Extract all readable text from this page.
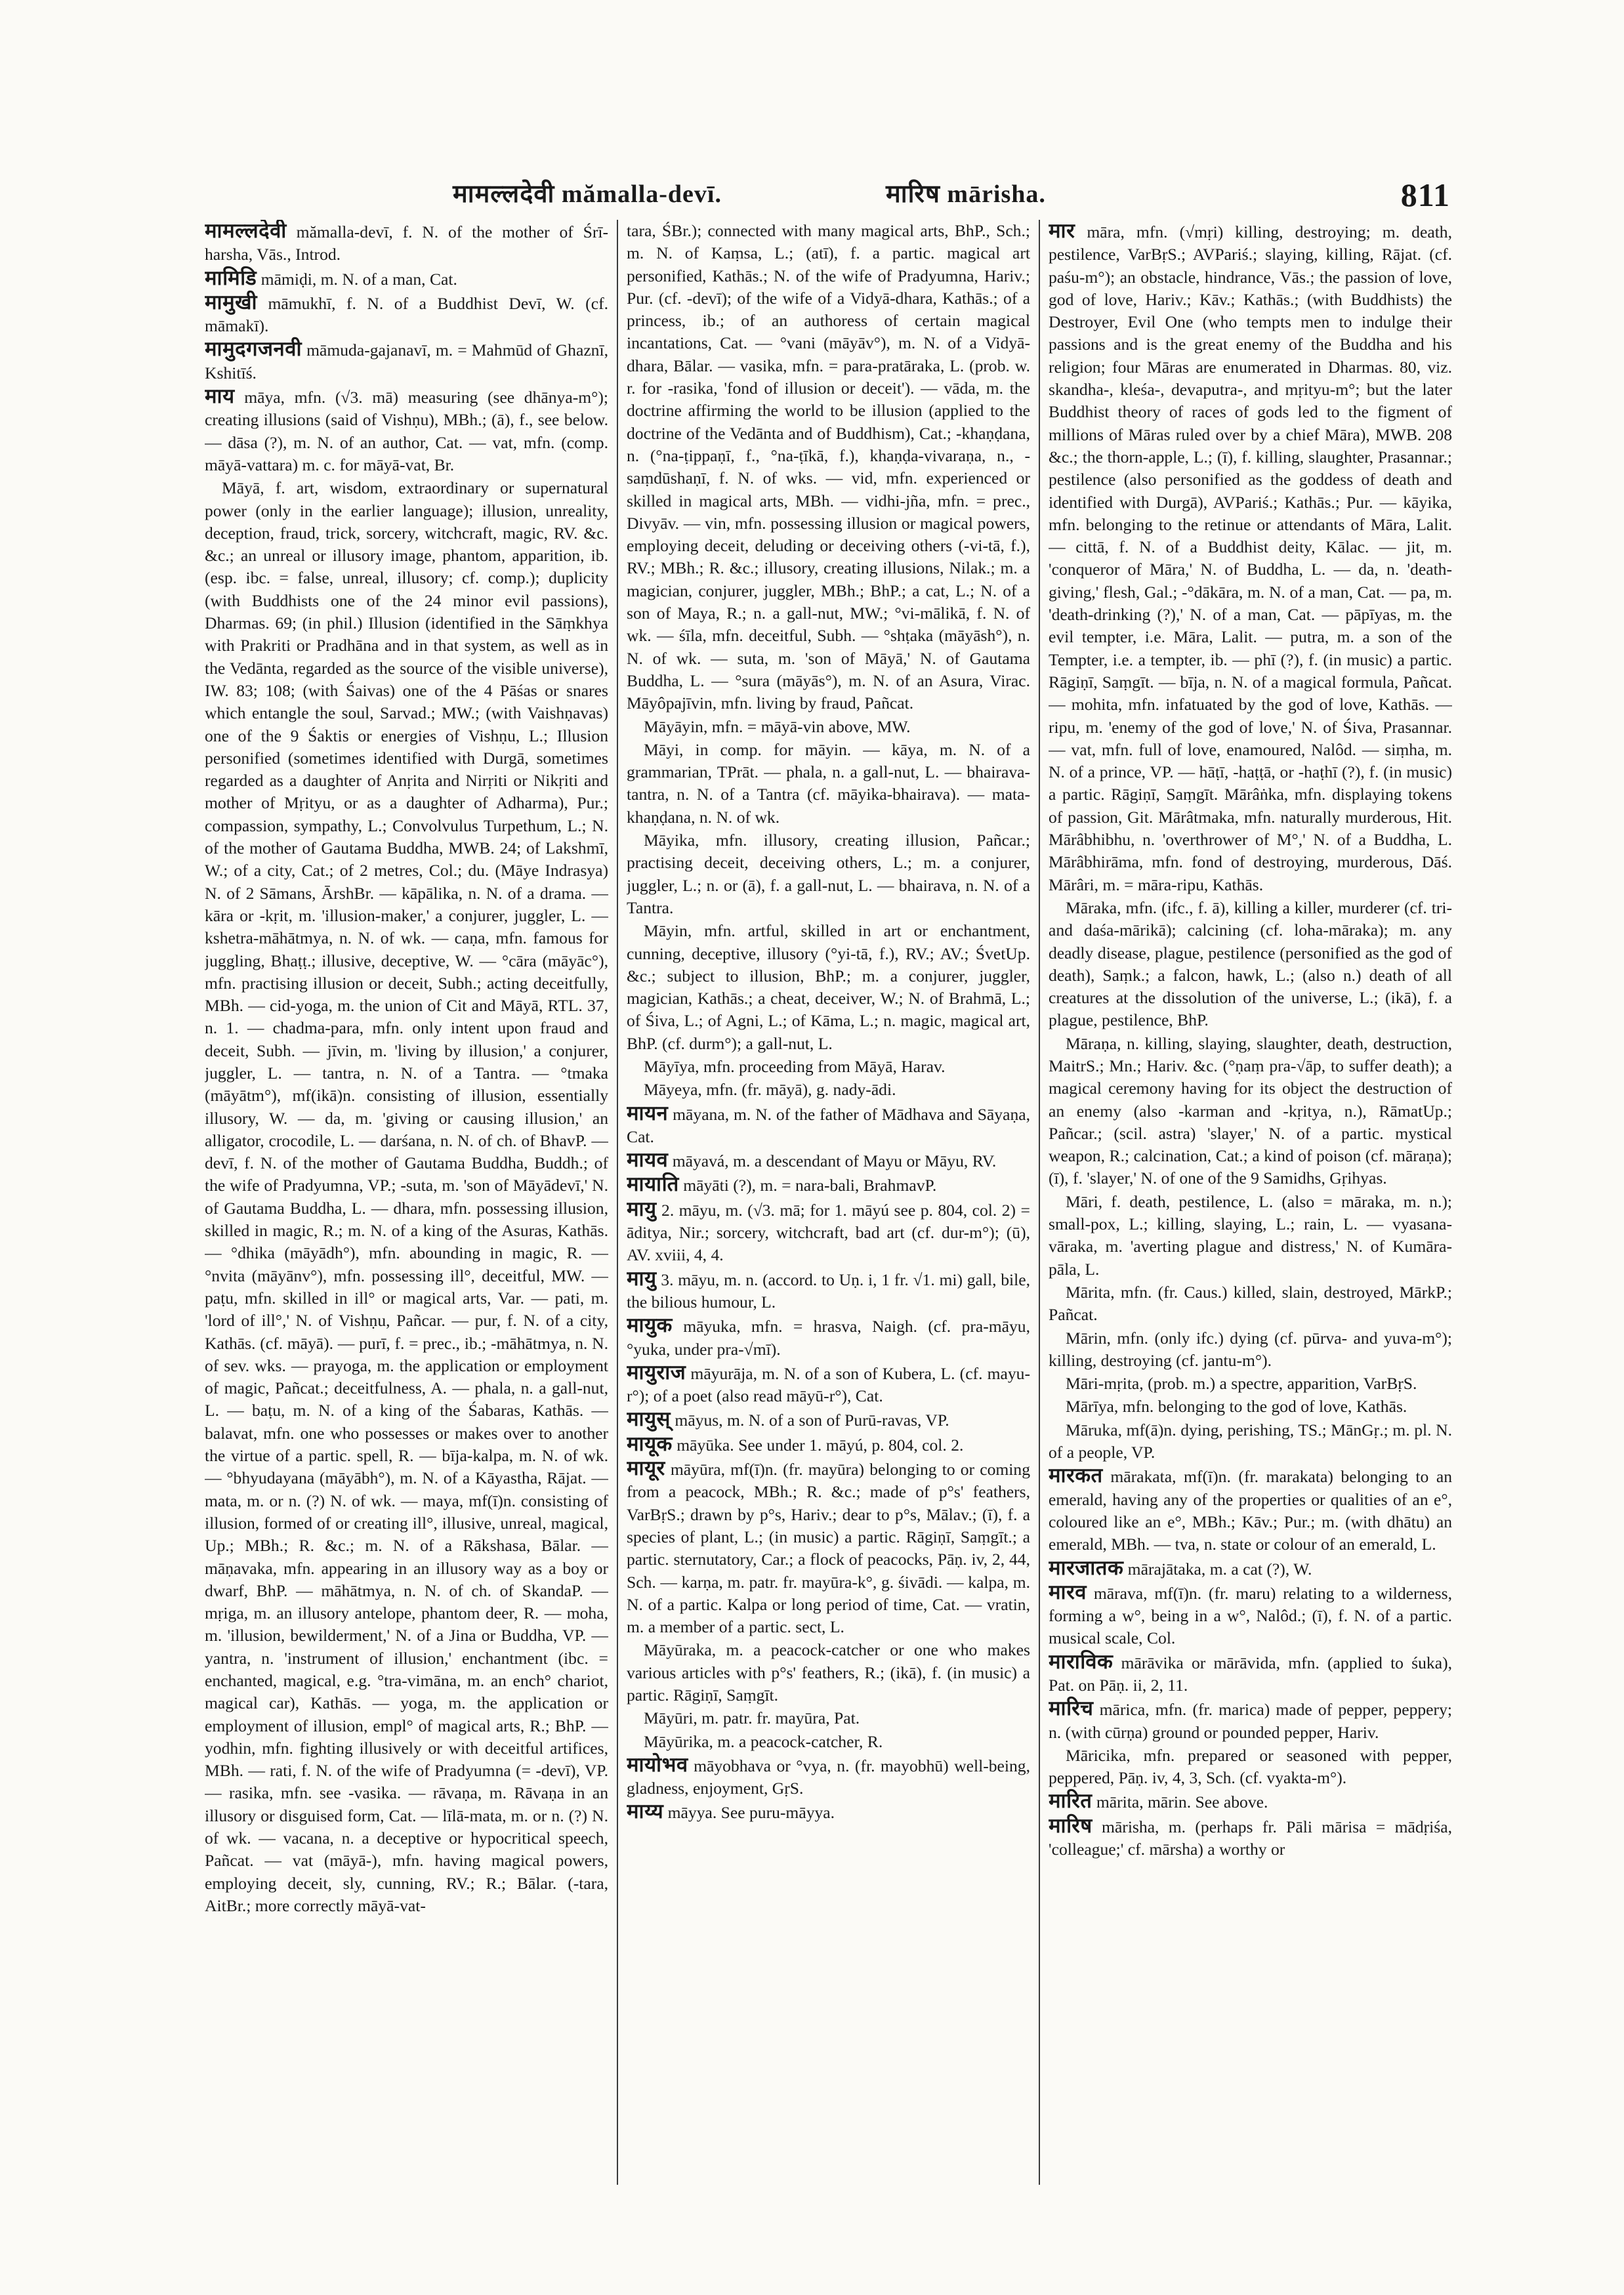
मामल्लदेवी mămalla-devī.	मारिष mārisha.	811

मामल्लदेवी mămalla-devī, f. N. of the mother of Śrī-harsha, Vās., Introd.

मामिडि māmiḍi, m. N. of a man, Cat.

मामुखी māmukhī, f. N. of a Buddhist Devī, W. (cf. māmakī).

मामुदगजनवी māmuda-gajanavī, m. = Mahmūd of Ghaznī, Kshitīś.

माय māya, mfn. (√3. mā) measuring (see dhānya-m°); creating illusions (said of Vishṇu), MBh.; (ā), f., see below. — dāsa (?), m. N. of an author, Cat. — vat, mfn. (comp. māyā-vattara) m. c. for māyā-vat, Br.

Māyā, f. art, wisdom, extraordinary or supernatural power (only in the earlier language); illusion, unreality, deception, fraud, trick, sorcery, witchcraft, magic, RV. &c. &c.; an unreal or illusory image, phantom, apparition, ib. (esp. ibc. = false, unreal, illusory; cf. comp.); duplicity (with Buddhists one of the 24 minor evil passions), Dharmas. 69; (in phil.) Illusion (identified in the Sāṃkhya with Prakriti or Pradhāna and in that system, as well as in the Vedānta, regarded as the source of the visible universe), IW. 83; 108; (with Śaivas) one of the 4 Pāśas or snares which entangle the soul, Sarvad.; MW.; (with Vaishṇavas) one of the 9 Śaktis or energies of Vishṇu, L.; Illusion personified (sometimes identified with Durgā, sometimes regarded as a daughter of Anṛita and Nirṛiti or Nikṛiti and mother of Mṛityu, or as a daughter of Adharma), Pur.; compassion, sympathy, L.; Convolvulus Turpethum, L.; N. of the mother of Gautama Buddha, MWB. 24; of Lakshmī, W.; of a city, Cat.; of 2 metres, Col.; du. (Māye Indrasya) N. of 2 Sāmans, ĀrshBr. — kāpālika, n. N. of a drama. — kāra or -kṛit, m. 'illusion-maker,' a conjurer, juggler, L. — kshetra-māhātmya, n. N. of wk. — caṇa, mfn. famous for juggling, Bhaṭṭ.; illusive, deceptive, W. — °cāra (māyāc°), mfn. practising illusion or deceit, Subh.; acting deceitfully, MBh. — cid-yoga, m. the union of Cit and Māyā, RTL. 37, n. 1. — chadma-para, mfn. only intent upon fraud and deceit, Subh. — jīvin, m. 'living by illusion,' a conjurer, juggler, L. — tantra, n. N. of a Tantra. — °tmaka (māyātm°), mf(ikā)n. consisting of illusion, essentially illusory, W. — da, m. 'giving or causing illusion,' an alligator, crocodile, L. — darśana, n. N. of ch. of BhavP. — devī, f. N. of the mother of Gautama Buddha, Buddh.; of the wife of Pradyumna, VP.; -suta, m. 'son of Māyādevī,' N. of Gautama Buddha, L. — dhara, mfn. possessing illusion, skilled in magic, R.; m. N. of a king of the Asuras, Kathās. — °dhika (māyādh°), mfn. abounding in magic, R. — °nvita (māyānv°), mfn. possessing ill°, deceitful, MW. — paṭu, mfn. skilled in ill° or magical arts, Var. — pati, m. 'lord of ill°,' N. of Vishṇu, Pañcar. — pur, f. N. of a city, Kathās. (cf. māyā). — purī, f. = prec., ib.; -māhātmya, n. N. of sev. wks. — prayoga, m. the application or employment of magic, Pañcat.; deceitfulness, A. — phala, n. a gall-nut, L. — baṭu, m. N. of a king of the Śabaras, Kathās. — balavat, mfn. one who possesses or makes over to another the virtue of a partic. spell, R. — bīja-kalpa, m. N. of wk. — °bhyudayana (māyābh°), m. N. of a Kāyastha, Rājat. — mata, m. or n. (?) N. of wk. — maya, mf(ī)n. consisting of illusion, formed of or creating ill°, illusive, unreal, magical, Up.; MBh.; R. &c.; m. N. of a Rākshasa, Bālar. — māṇavaka, mfn. appearing in an illusory way as a boy or dwarf, BhP. — māhātmya, n. N. of ch. of SkandaP. — mṛiga, m. an illusory antelope, phantom deer, R. — moha, m. 'illusion, bewilderment,' N. of a Jina or Buddha, VP. — yantra, n. 'instrument of illusion,' enchantment (ibc. = enchanted, magical, e.g. °tra-vimāna, m. an ench° chariot, magical car), Kathās. — yoga, m. the application or employment of illusion, empl° of magical arts, R.; BhP. — yodhin, mfn. fighting illusively or with deceitful artifices, MBh. — rati, f. N. of the wife of Pradyumna (= -devī), VP. — rasika, mfn. see -vasika. — rāvaṇa, m. Rāvaṇa in an illusory or disguised form, Cat. — līlā-mata, m. or n. (?) N. of wk. — vacana, n. a deceptive or hypocritical speech, Pañcat. — vat (māyā-), mfn. having magical powers, employing deceit, sly, cunning, RV.; R.; Bālar. (-tara, AitBr.; more correctly māyā-vat-

tara, ŚBr.); connected with many magical arts, BhP., Sch.; m. N. of Kaṃsa, L.; (atī), f. a partic. magical art personified, Kathās.; N. of the wife of Pradyumna, Hariv.; Pur. (cf. -devī); of the wife of a Vidyā-dhara, Kathās.; of a princess, ib.; of an authoress of certain magical incantations, Cat. — °vani (māyāv°), m. N. of a Vidyā-dhara, Bālar. — vasika, mfn. = para-pratāraka, L. (prob. w. r. for -rasika, 'fond of illusion or deceit'). — vāda, m. the doctrine affirming the world to be illusion (applied to the doctrine of the Vedānta and of Buddhism), Cat.; -khaṇḍana, n. (°na-ṭippaṇī, f., °na-ṭīkā, f.), khaṇḍa-vivaraṇa, n., -saṃdūshaṇī, f. N. of wks. — vid, mfn. experienced or skilled in magical arts, MBh. — vidhi-jña, mfn. = prec., Divyāv. — vin, mfn. possessing illusion or magical powers, employing deceit, deluding or deceiving others (-vi-tā, f.), RV.; MBh.; R. &c.; illusory, creating illusions, Nilak.; m. a magician, conjurer, juggler, MBh.; BhP.; a cat, L.; N. of a son of Maya, R.; n. a gall-nut, MW.; °vi-mālikā, f. N. of wk. — śīla, mfn. deceitful, Subh. — °shṭaka (māyāsh°), n. N. of wk. — suta, m. 'son of Māyā,' N. of Gautama Buddha, L. — °sura (māyās°), m. N. of an Asura, Virac. Māyôpajīvin, mfn. living by fraud, Pañcat.

Māyāyin, mfn. = māyā-vin above, MW.

Māyi, in comp. for māyin. — kāya, m. N. of a grammarian, TPrāt. — phala, n. a gall-nut, L. — bhairava-tantra, n. N. of a Tantra (cf. māyika-bhairava). — mata-khaṇḍana, n. N. of wk.

Māyika, mfn. illusory, creating illusion, Pañcar.; practising deceit, deceiving others, L.; m. a conjurer, juggler, L.; n. or (ā), f. a gall-nut, L. — bhairava, n. N. of a Tantra.

Māyin, mfn. artful, skilled in art or enchantment, cunning, deceptive, illusory (°yi-tā, f.), RV.; AV.; ŚvetUp. &c.; subject to illusion, BhP.; m. a conjurer, juggler, magician, Kathās.; a cheat, deceiver, W.; N. of Brahmā, L.; of Śiva, L.; of Agni, L.; of Kāma, L.; n. magic, magical art, BhP. (cf. durm°); a gall-nut, L.

Māyīya, mfn. proceeding from Māyā, Harav.

Māyeya, mfn. (fr. māyā), g. nady-ādi.

मायन māyana, m. N. of the father of Mādhava and Sāyaṇa, Cat.

मायव māyavá, m. a descendant of Mayu or Māyu, RV.

मायाति māyāti (?), m. = nara-bali, BrahmavP.

मायु 2. māyu, m. (√3. mā; for 1. māyú see p. 804, col. 2) = āditya, Nir.; sorcery, witchcraft, bad art (cf. dur-m°); (ū), AV. xviii, 4, 4.

मायु 3. māyu, m. n. (accord. to Uṇ. i, 1 fr. √1. mi) gall, bile, the bilious humour, L.

मायुक māyuka, mfn. = hrasva, Naigh. (cf. pra-māyu, °yuka, under pra-√mī).

मायुराज māyurāja, m. N. of a son of Kubera, L. (cf. mayu-r°); of a poet (also read māyū-r°), Cat.

मायुस् māyus, m. N. of a son of Purū-ravas, VP.

मायूक māyūka. See under 1. māyú, p. 804, col. 2.

मायूर māyūra, mf(ī)n. (fr. mayūra) belonging to or coming from a peacock, MBh.; R. &c.; made of p°s' feathers, VarBṛS.; drawn by p°s, Hariv.; dear to p°s, Mālav.; (ī), f. a species of plant, L.; (in music) a partic. Rāgiṇī, Saṃgīt.; a partic. sternutatory, Car.; a flock of peacocks, Pāṇ. iv, 2, 44, Sch. — karṇa, m. patr. fr. mayūra-k°, g. śivādi. — kalpa, m. N. of a partic. Kalpa or long period of time, Cat. — vratin, m. a member of a partic. sect, L.

Māyūraka, m. a peacock-catcher or one who makes various articles with p°s' feathers, R.; (ikā), f. (in music) a partic. Rāgiṇī, Saṃgīt.

Māyūri, m. patr. fr. mayūra, Pat.

Māyūrika, m. a peacock-catcher, R.

मायोभव māyobhava or °vya, n. (fr. mayobhū) well-being, gladness, enjoyment, GṛS.

माय्य māyya. See puru-māyya.

मार māra, mfn. (√mṛi) killing, destroying; m. death, pestilence, VarBṛS.; AVPariś.; slaying, killing, Rājat. (cf. paśu-m°); an obstacle, hindrance, Vās.; the passion of love, god of love, Hariv.; Kāv.; Kathās.; (with Buddhists) the Destroyer, Evil One (who tempts men to indulge their passions and is the great enemy of the Buddha and his religion; four Māras are enumerated in Dharmas. 80, viz. skandha-, kleśa-, devaputra-, and mṛityu-m°; but the later Buddhist theory of races of gods led to the figment of millions of Māras ruled over by a chief Māra), MWB. 208 &c.; the thorn-apple, L.; (ī), f. killing, slaughter, Prasannar.; pestilence (also personified as the goddess of death and identified with Durgā), AVPariś.; Kathās.; Pur. — kāyika, mfn. belonging to the retinue or attendants of Māra, Lalit. — cittā, f. N. of a Buddhist deity, Kālac. — jit, m. 'conqueror of Māra,' N. of Buddha, L. — da, n. 'death-giving,' flesh, Gal.; -°dākāra, m. N. of a man, Cat. — pa, m. 'death-drinking (?),' N. of a man, Cat. — pāpīyas, m. the evil tempter, i.e. Māra, Lalit. — putra, m. a son of the Tempter, i.e. a tempter, ib. — phī (?), f. (in music) a partic. Rāgiṇī, Saṃgīt. — bīja, n. N. of a magical formula, Pañcat. — mohita, mfn. infatuated by the god of love, Kathās. — ripu, m. 'enemy of the god of love,' N. of Śiva, Prasannar. — vat, mfn. full of love, enamoured, Nalôd. — siṃha, m. N. of a prince, VP. — hāṭī, -haṭṭā, or -haṭhī (?), f. (in music) a partic. Rāgiṇī, Saṃgīt. Mārâṅka, mfn. displaying tokens of passion, Git. Mārâtmaka, mfn. naturally murderous, Hit. Mārâbhibhu, n. 'overthrower of M°,' N. of a Buddha, L. Mārâbhirāma, mfn. fond of destroying, murderous, Dāś. Mārâri, m. = māra-ripu, Kathās.

Māraka, mfn. (ifc., f. ā), killing a killer, murderer (cf. tri- and daśa-mārikā); calcining (cf. loha-māraka); m. any deadly disease, plague, pestilence (personified as the god of death), Saṃk.; a falcon, hawk, L.; (also n.) death of all creatures at the dissolution of the universe, L.; (ikā), f. a plague, pestilence, BhP.

Māraṇa, n. killing, slaying, slaughter, death, destruction, MaitrS.; Mn.; Hariv. &c. (°ṇaṃ pra-√āp, to suffer death); a magical ceremony having for its object the destruction of an enemy (also -karman and -kṛitya, n.), RāmatUp.; Pañcar.; (scil. astra) 'slayer,' N. of a partic. mystical weapon, R.; calcination, Cat.; a kind of poison (cf. māraṇa); (ī), f. 'slayer,' N. of one of the 9 Samidhs, Gṛihyas.

Māri, f. death, pestilence, L. (also = māraka, m. n.); small-pox, L.; killing, slaying, L.; rain, L. — vyasana-vāraka, m. 'averting plague and distress,' N. of Kumāra-pāla, L.

Mārita, mfn. (fr. Caus.) killed, slain, destroyed, MārkP.; Pañcat.

Mārin, mfn. (only ifc.) dying (cf. pūrva- and yuva-m°); killing, destroying (cf. jantu-m°).

Māri-mṛita, (prob. m.) a spectre, apparition, VarBṛS.

Mārīya, mfn. belonging to the god of love, Kathās.

Māruka, mf(ā)n. dying, perishing, TS.; MānGṛ.; m. pl. N. of a people, VP.

मारकत mārakata, mf(ī)n. (fr. marakata) belonging to an emerald, having any of the properties or qualities of an e°, coloured like an e°, MBh.; Kāv.; Pur.; m. (with dhātu) an emerald, MBh. — tva, n. state or colour of an emerald, L.

मारजातक mārajātaka, m. a cat (?), W.

मारव mārava, mf(ī)n. (fr. maru) relating to a wilderness, forming a w°, being in a w°, Nalôd.; (ī), f. N. of a partic. musical scale, Col.

माराविक mārāvika or mārāvida, mfn. (applied to śuka), Pat. on Pāṇ. ii, 2, 11.

मारिच mārica, mfn. (fr. marica) made of pepper, peppery; n. (with cūrṇa) ground or pounded pepper, Hariv.

Māricika, mfn. prepared or seasoned with pepper, peppered, Pāṇ. iv, 4, 3, Sch. (cf. vyakta-m°).

मारित mārita, mārin. See above.

मारिष mārisha, m. (perhaps fr. Pāli mārisa = mādṛiśa, 'colleague;' cf. mārsha) a worthy or
